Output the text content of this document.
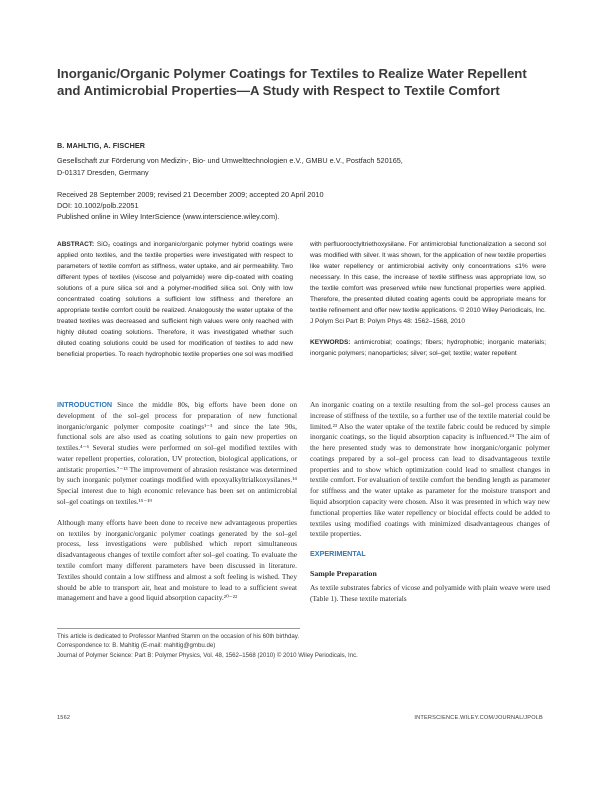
Inorganic/Organic Polymer Coatings for Textiles to Realize Water Repellent and Antimicrobial Properties—A Study with Respect to Textile Comfort
B. MAHLTIG, A. FISCHER
Gesellschaft zur Förderung von Medizin-, Bio- und Umwelttechnologien e.V., GMBU e.V., Postfach 520165,
D-01317 Dresden, Germany
Received 28 September 2009; revised 21 December 2009; accepted 20 April 2010
DOI: 10.1002/polb.22051
Published online in Wiley InterScience (www.interscience.wiley.com).
ABSTRACT: SiO₂ coatings and inorganic/organic polymer hybrid coatings were applied onto textiles, and the textile properties were investigated with respect to parameters of textile comfort as stiffness, water uptake, and air permeability. Two different types of textiles (viscose and polyamide) were dip-coated with coating solutions of a pure silica sol and a polymer-modified silica sol. Only with low concentrated coating solutions a sufficient low stiffness and therefore an appropriate textile comfort could be realized. Analogously the water uptake of the treated textiles was decreased and sufficient high values were only reached with highly diluted coating solutions. Therefore, it was investigated whether such diluted coating solutions could be used for modification of textiles to add new beneficial properties. To reach hydrophobic textile properties one sol was modified
with perfluorooctyltriethoxysilane. For antimicrobial functionalization a second sol was modified with silver. It was shown, for the application of new textile properties like water repellency or antimicrobial activity only concentrations ≤1% were necessary. In this case, the increase of textile stiffness was appropriate low, so the textile comfort was preserved while new functional properties were applied. Therefore, the presented diluted coating agents could be appropriate means for textile refinement and offer new textile applications. © 2010 Wiley Periodicals, Inc. J Polym Sci Part B: Polym Phys 48: 1562–1568, 2010
KEYWORDS: antimicrobial; coatings; fibers; hydrophobic; inorganic materials; inorganic polymers; nanoparticles; silver; sol–gel; textile; water repellent
INTRODUCTION Since the middle 80s, big efforts have been done on development of the sol–gel process for preparation of new functional inorganic/organic polymer composite coatings¹⁻³ and since the late 90s, functional sols are also used as coating solutions to gain new properties on textiles.⁴⁻⁶ Several studies were performed on sol–gel modified textiles with water repellent properties, coloration, UV protection, biological applications, or antistatic properties.⁷⁻¹³ The improvement of abrasion resistance was determined by such inorganic polymer coatings modified with epoxyalkyltrialkoxysilanes.¹⁴ Special interest due to high economic relevance has been set on antimicrobial sol–gel coatings on textiles.¹⁵⁻¹⁹
Although many efforts have been done to receive new advantageous properties on textiles by inorganic/organic polymer coatings generated by the sol–gel process, less investigations were published which report simultaneous disadvantageous changes of textile comfort after sol–gel coating. To evaluate the textile comfort many different parameters have been discussed in literature. Textiles should contain a low stiffness and almost a soft feeling is wished. They should be able to transport air, heat and moisture to lead to a sufficient sweat management and have a good liquid absorption capacity.²⁰⁻²²
An inorganic coating on a textile resulting from the sol–gel process causes an increase of stiffness of the textile, so a further use of the textile material could be limited.²³ Also the water uptake of the textile fabric could be reduced by simple inorganic coatings, so the liquid absorption capacity is influenced.²⁴ The aim of the here presented study was to demonstrate how inorganic/organic polymer coatings prepared by a sol–gel process can lead to disadvantageous textile properties and to show which optimization could lead to smallest changes in textile comfort. For evaluation of textile comfort the bending length as parameter for stiffness and the water uptake as parameter for the moisture transport and liquid absorption capacity were chosen. Also it was presented in which way new functional properties like water repellency or biocidal effects could be added to textiles using modified coatings with minimized disadvantageous changes of textile properties.
EXPERIMENTAL
Sample Preparation
As textile substrates fabrics of vicose and polyamide with plain weave were used (Table 1). These textile materials
This article is dedicated to Professor Manfred Stamm on the occasion of his 60th birthday.
Correspondence to: B. Mahltig (E-mail: mahltig@gmbu.de)
Journal of Polymer Science: Part B: Polymer Physics, Vol. 48, 1562–1568 (2010) © 2010 Wiley Periodicals, Inc.
1562	INTERSCIENCE.WILEY.COM/JOURNAL/JPOLB
